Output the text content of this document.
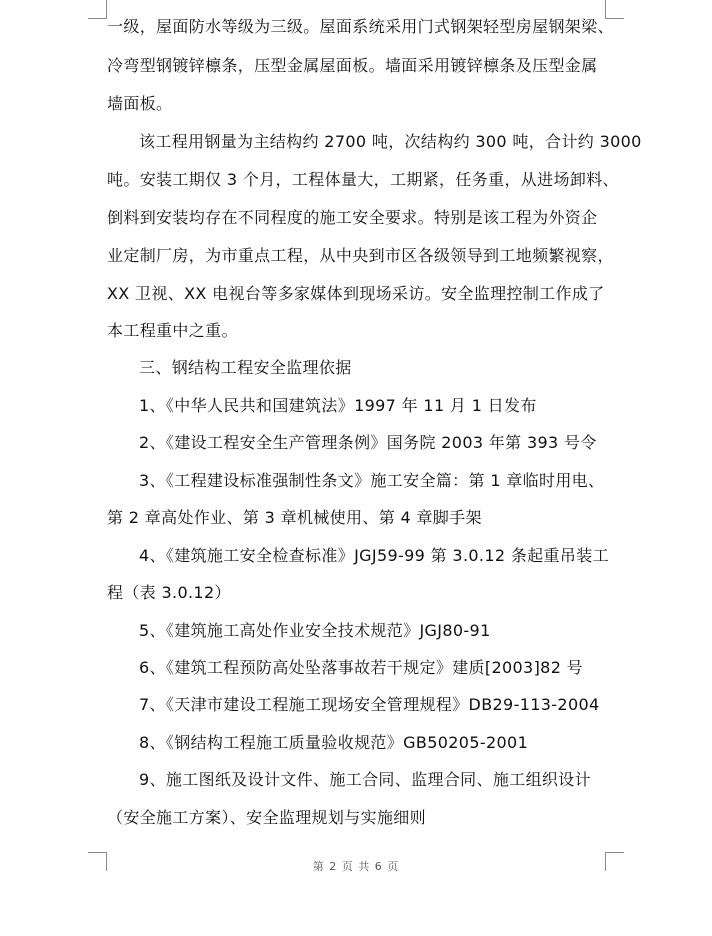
一级，屋面防水等级为三级。屋面系统采用门式钢架轻型房屋钢架梁、
冷弯型钢镀锌檩条，压型金属屋面板。墙面采用镀锌檩条及压型金属
墙面板。
该工程用钢量为主结构约 2700 吨，次结构约 300 吨，合计约 3000
吨。安装工期仅 3 个月，工程体量大，工期紧，任务重，从进场卸料、
倒料到安装均存在不同程度的施工安全要求。特别是该工程为外资企
业定制厂房，为市重点工程，从中央到市区各级领导到工地频繁视察，
XX 卫视、XX 电视台等多家媒体到现场采访。安全监理控制工作成了
本工程重中之重。
三、钢结构工程安全监理依据
1、《中华人民共和国建筑法》1997 年 11 月 1 日发布
2、《建设工程安全生产管理条例》国务院 2003 年第 393 号令
3、《工程建设标准强制性条文》施工安全篇：第 1 章临时用电、
第 2 章高处作业、第 3 章机械使用、第 4 章脚手架
4、《建筑施工安全检查标准》JGJ59-99 第 3.0.12 条起重吊装工
程（表 3.0.12）
5、《建筑施工高处作业安全技术规范》JGJ80-91
6、《建筑工程预防高处坠落事故若干规定》建质[2003]82 号
7、《天津市建设工程施工现场安全管理规程》DB29-113-2004
8、《钢结构工程施工质量验收规范》GB50205-2001
9、施工图纸及设计文件、施工合同、监理合同、施工组织设计
（安全施工方案）、安全监理规划与实施细则
第 2 页 共 6 页
